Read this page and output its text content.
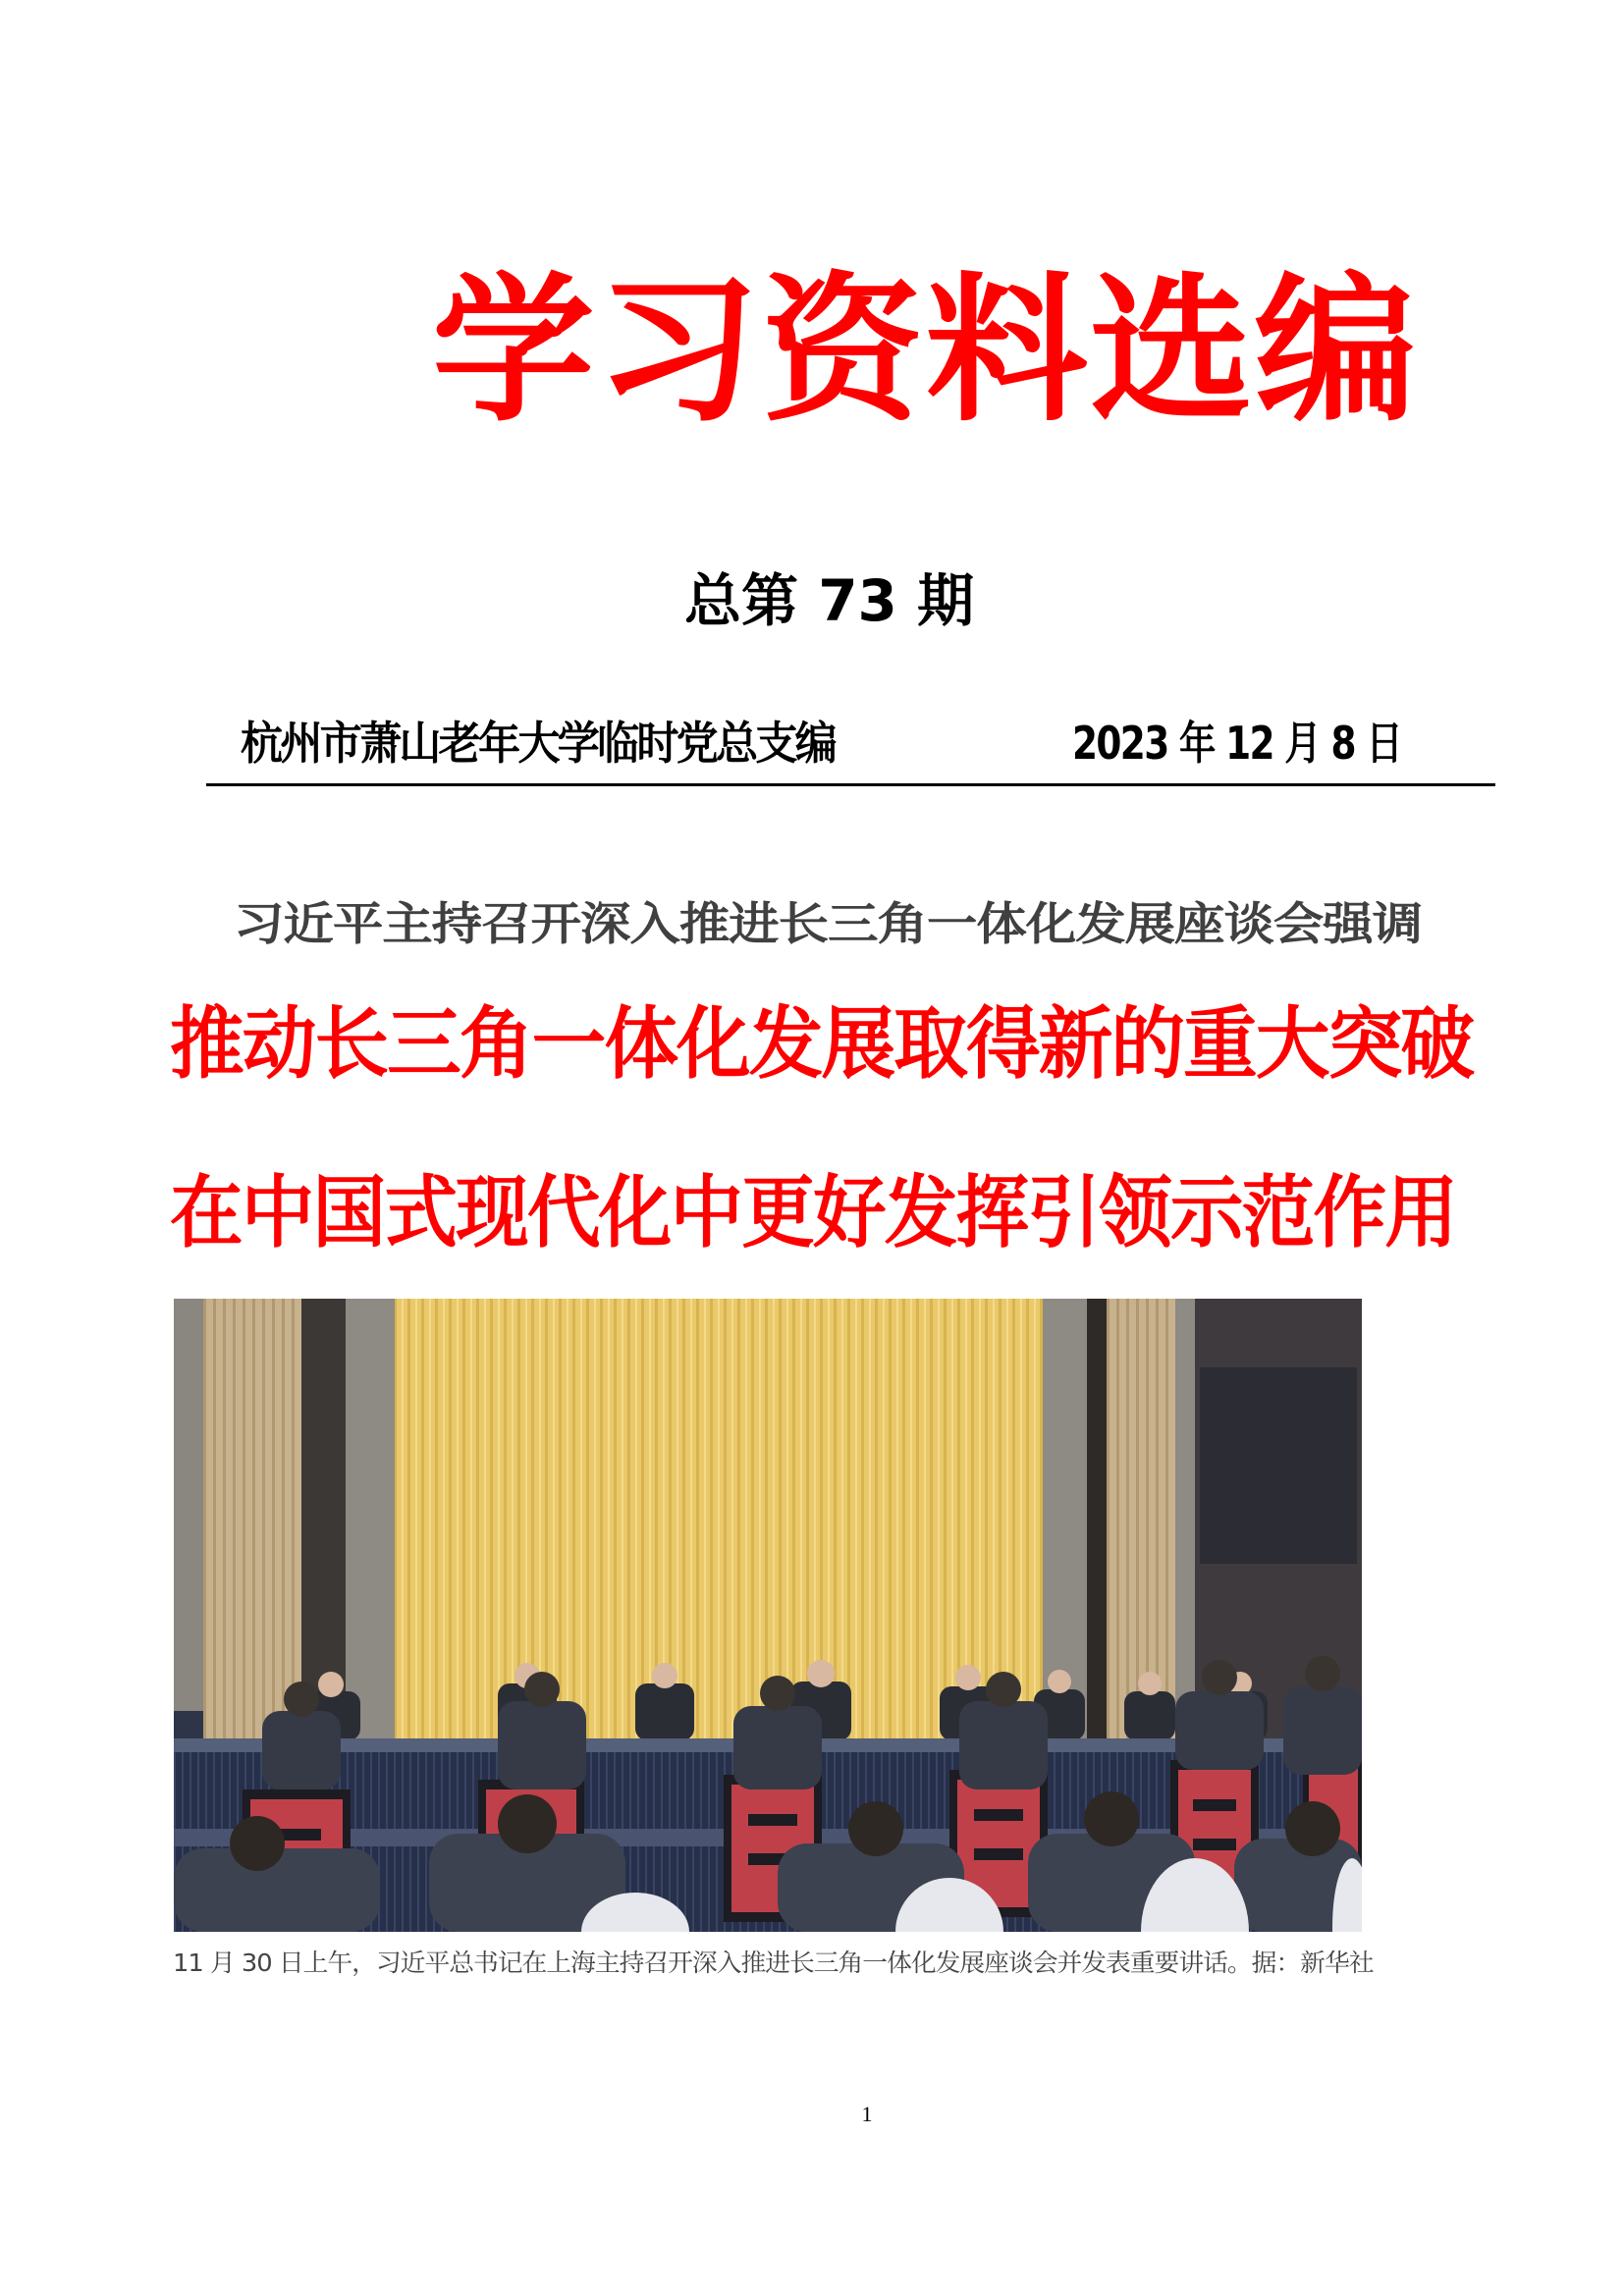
学习资料选编
总第 73 期
杭州市萧山老年大学临时党总支编	2023 年 12 月 8 日
习近平主持召开深入推进长三角一体化发展座谈会强调
推动长三角一体化发展取得新的重大突破
在中国式现代化中更好发挥引领示范作用
11 月 30 日上午，习近平总书记在上海主持召开深入推进长三角一体化发展座谈会并发表重要讲话。据：新华社
1
